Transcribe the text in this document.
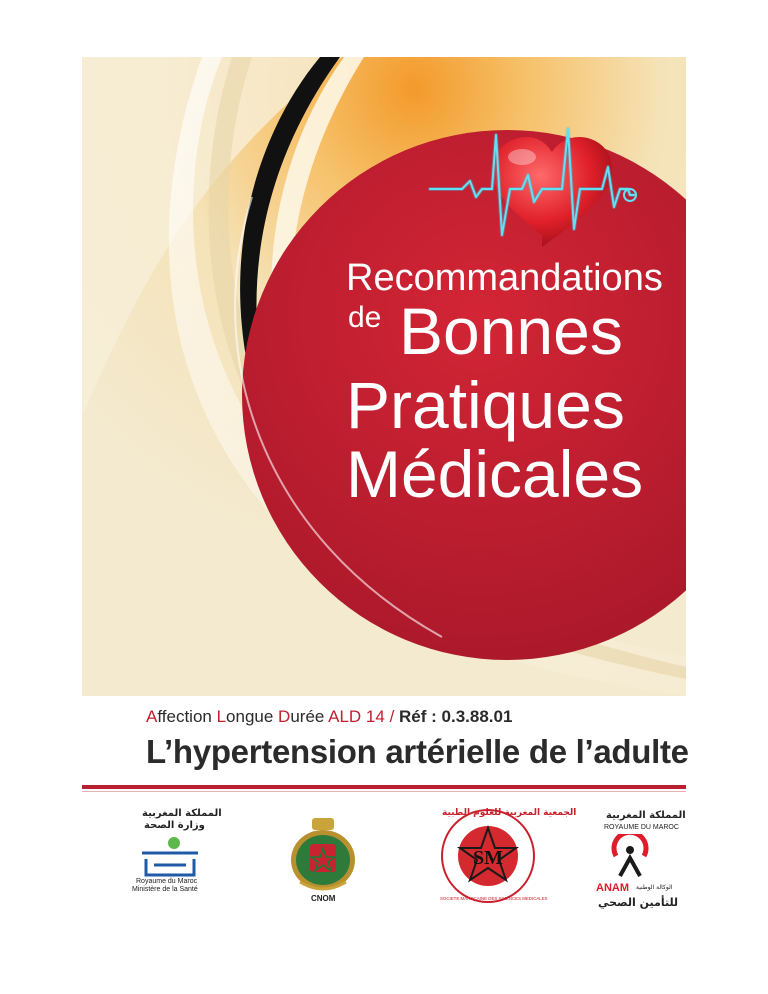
Recommandations
de Bonnes
Pratiques
Médicales
Affection Longue Durée ALD 14 / Réf : 0.3.88.01
L’hypertension artérielle de l’adulte
المملكة المغربية
وزارة الصحة
Royaume du Maroc
Ministère de la Santé
CNOM
SM
الجمعية المغربية للعلوم الطبية
SOCIETE MAROCAINE DES SCIENCES MEDICALES
المملكة المغربية
ROYAUME DU MAROC
ANAM الوكالة الوطنية
للتأمين الصحي
